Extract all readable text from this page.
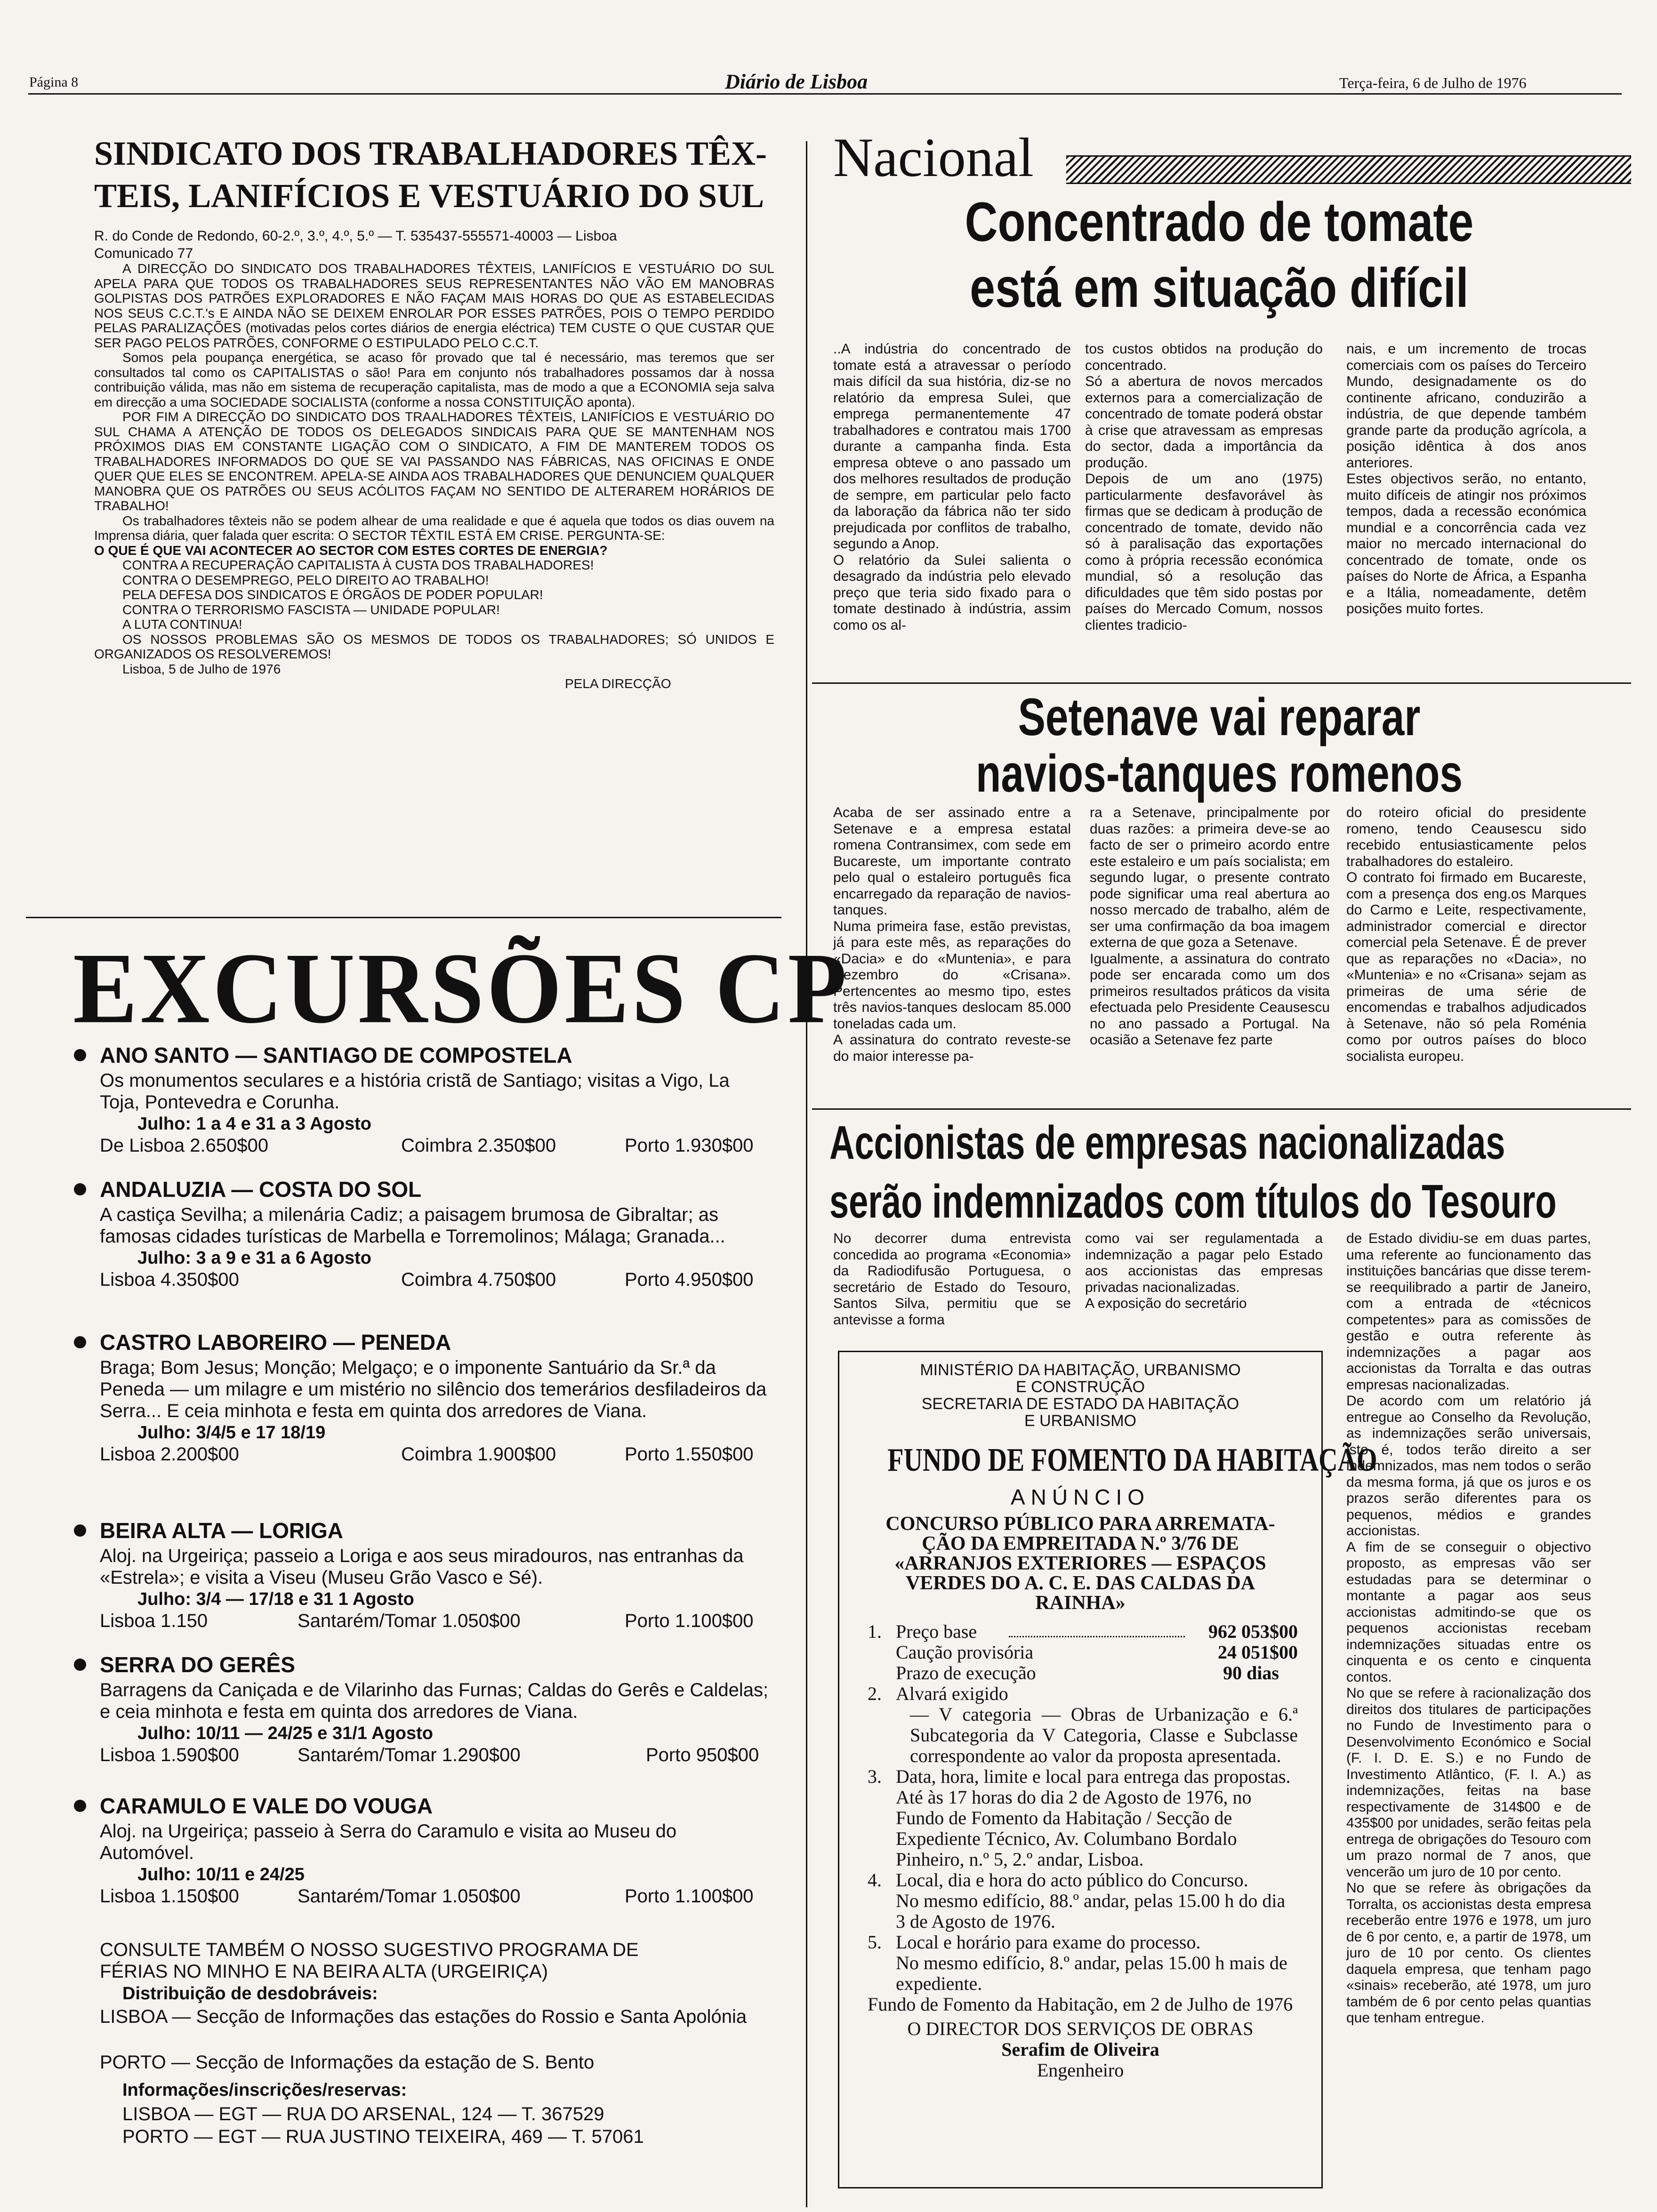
Página 8	Diário de Lisboa	Terça-feira, 6 de Julho de 1976
SINDICATO DOS TRABALHADORES TÊX-
TEIS, LANIFÍCIOS E VESTUÁRIO DO SUL
R. do Conde de Redondo, 60-2.º, 3.º, 4.º, 5.º — T. 535437-555571-40003 — Lisboa
Comunicado 77

A DIRECÇÃO DO SINDICATO DOS TRABALHADORES TÊXTEIS, LANIFÍCIOS E VESTUÁRIO DO SUL APELA PARA QUE TODOS OS TRABALHADORES SEUS REPRESENTANTES NÃO VÃO EM MANOBRAS GOLPISTAS DOS PATRÕES EXPLORADORES E NÃO FAÇAM MAIS HORAS DO QUE AS ESTABELECIDAS NOS SEUS C.C.T.'s E AINDA NÃO SE DEIXEM ENROLAR POR ESSES PATRÕES, POIS O TEMPO PERDIDO PELAS PARALIZAÇÕES (motivadas pelos cortes diários de energia eléctrica) TEM CUSTE O QUE CUSTAR QUE SER PAGO PELOS PATRÕES, CONFORME O ESTIPULADO PELO C.C.T.

Somos pela poupança energética, se acaso fôr provado que tal é necessário, mas teremos que ser consultados tal como os CAPITALISTAS o são! Para em conjunto nós trabalhadores possamos dar à nossa contribuição válida, mas não em sistema de recuperação capitalista, mas de modo a que a ECONOMIA seja salva em direcção a uma SOCIEDADE SOCIALISTA (conforme a nossa CONSTITUIÇÃO aponta).

POR FIM A DIRECÇÃO DO SINDICATO DOS TRAALHADORES TÊXTEIS, LANIFÍCIOS E VESTUÁRIO DO SUL CHAMA A ATENÇÃO DE TODOS OS DELEGADOS SINDICAIS PARA QUE SE MANTENHAM NOS PRÓXIMOS DIAS EM CONSTANTE LIGAÇÃO COM O SINDICATO, A FIM DE MANTEREM TODOS OS TRABALHADORES INFORMADOS DO QUE SE VAI PASSANDO NAS FÁBRICAS, NAS OFICINAS E ONDE QUER QUE ELES SE ENCONTREM. APELA-SE AINDA AOS TRABALHADORES QUE DENUNCIEM QUALQUER MANOBRA QUE OS PATRÕES OU SEUS ACÓLITOS FAÇAM NO SENTIDO DE ALTERAREM HORÁRIOS DE TRABALHO!

Os trabalhadores têxteis não se podem alhear de uma realidade e que é aquela que todos os dias ouvem na Imprensa diária, quer falada quer escrita: O SECTOR TÊXTIL ESTÁ EM CRISE. PERGUNTA-SE:

O QUE É QUE VAI ACONTECER AO SECTOR COM ESTES CORTES DE ENERGIA?

CONTRA A RECUPERAÇÃO CAPITALISTA À CUSTA DOS TRABALHADORES!

CONTRA O DESEMPREGO, PELO DIREITO AO TRABALHO!

PELA DEFESA DOS SINDICATOS E ÓRGÃOS DE PODER POPULAR!

CONTRA O TERRORISMO FASCISTA — UNIDADE POPULAR!

A LUTA CONTINUA!

OS NOSSOS PROBLEMAS SÃO OS MESMOS DE TODOS OS TRABALHADORES; SÓ UNIDOS E ORGANIZADOS OS RESOLVEREMOS!

Lisboa, 5 de Julho de 1976

PELA DIRECÇÃO

EXCURSÕES CP
ANO SANTO — SANTIAGO DE COMPOSTELA
Os monumentos seculares e a história cristã de Santiago; visitas a Vigo, La Toja, Pontevedra e Corunha.
Julho: 1 a 4 e 31 a 3 Agosto
De Lisboa 2.650$00	Coimbra 2.350$00	Porto 1.930$00
ANDALUZIA — COSTA DO SOL
A castiça Sevilha; a milenária Cadiz; a paisagem brumosa de Gibraltar; as famosas cidades turísticas de Marbella e Torremolinos; Málaga; Granada...
Julho: 3 a 9 e 31 a 6 Agosto
Lisboa 4.350$00	Coimbra 4.750$00	Porto 4.950$00
CASTRO LABOREIRO — PENEDA
Braga; Bom Jesus; Monção; Melgaço; e o imponente Santuário da Sr.ª da Peneda — um milagre e um mistério no silêncio dos temerários desfiladeiros da Serra... E ceia minhota e festa em quinta dos arredores de Viana.
Julho: 3/4/5 e 17 18/19
Lisboa 2.200$00	Coimbra 1.900$00	Porto 1.550$00
BEIRA ALTA — LORIGA
Aloj. na Urgeiriça; passeio a Loriga e aos seus miradouros, nas entranhas da «Estrela»; e visita a Viseu (Museu Grão Vasco e Sé).
Julho: 3/4 — 17/18 e 31 1 Agosto
Lisboa 1.150	Santarém/Tomar 1.050$00	Porto 1.100$00
SERRA DO GERÊS
Barragens da Caniçada e de Vilarinho das Furnas; Caldas do Gerês e Caldelas; e ceia minhota e festa em quinta dos arredores de Viana.
Julho: 10/11 — 24/25 e 31/1 Agosto
Lisboa 1.590$00	Santarém/Tomar 1.290$00	Porto 950$00
CARAMULO E VALE DO VOUGA
Aloj. na Urgeiriça; passeio à Serra do Caramulo e visita ao Museu do Automóvel.
Julho: 10/11 e 24/25
Lisboa 1.150$00	Santarém/Tomar 1.050$00	Porto 1.100$00
CONSULTE TAMBÉM O NOSSO SUGESTIVO PROGRAMA DE FÉRIAS NO MINHO E NA BEIRA ALTA (URGEIRIÇA)
Distribuição de desdobráveis:
LISBOA — Secção de Informações das estações do Rossio e Santa Apolónia
PORTO — Secção de Informações da estação de S. Bento
Informações/inscrições/reservas:
LISBOA — EGT — RUA DO ARSENAL, 124 — T. 367529
PORTO — EGT — RUA JUSTINO TEIXEIRA, 469 — T. 57061
Nacional
Concentrado de tomate
está em situação difícil
..A indústria do concentrado de tomate está a atravessar o período mais difícil da sua história, diz-se no relatório da empresa Sulei, que emprega permanentemente 47 trabalhadores e contratou mais 1700 durante a campanha finda. Esta empresa obteve o ano passado um dos melhores resultados de produção de sempre, em particular pelo facto da laboração da fábrica não ter sido prejudicada por conflitos de trabalho, segundo a Anop.
O relatório da Sulei salienta o desagrado da indústria pelo elevado preço que teria sido fixado para o tomate destinado à indústria, assim como os al-
tos custos obtidos na produção do concentrado.
Só a abertura de novos mercados externos para a comercialização de concentrado de tomate poderá obstar à crise que atravessam as empresas do sector, dada a importância da produção.
Depois de um ano (1975) particularmente desfavorável às firmas que se dedicam à produção de concentrado de tomate, devido não só à paralisação das exportações como à própria recessão económica mundial, só a resolução das dificuldades que têm sido postas por países do Mercado Comum, nossos clientes tradicio-
nais, e um incremento de trocas comerciais com os países do Terceiro Mundo, designadamente os do continente africano, conduzirão a indústria, de que depende também grande parte da produção agrícola, a posição idêntica à dos anos anteriores.
Estes objectivos serão, no entanto, muito difíceis de atingir nos próximos tempos, dada a recessão económica mundial e a concorrência cada vez maior no mercado internacional do concentrado de tomate, onde os países do Norte de África, a Espanha e a Itália, nomeadamente, detêm posições muito fortes.
Setenave vai reparar
navios-tanques romenos
Acaba de ser assinado entre a Setenave e a empresa estatal romena Contransimex, com sede em Bucareste, um importante contrato pelo qual o estaleiro português fica encarregado da reparação de navios-tanques.
Numa primeira fase, estão previstas, já para este mês, as reparações do «Dacia» e do «Muntenia», e para Dezembro do «Crisana». Pertencentes ao mesmo tipo, estes três navios-tanques deslocam 85.000 toneladas cada um.
A assinatura do contrato reveste-se do maior interesse pa-
ra a Setenave, principalmente por duas razões: a primeira deve-se ao facto de ser o primeiro acordo entre este estaleiro e um país socialista; em segundo lugar, o presente contrato pode significar uma real abertura ao nosso mercado de trabalho, além de ser uma confirmação da boa imagem externa de que goza a Setenave.
Igualmente, a assinatura do contrato pode ser encarada como um dos primeiros resultados práticos da visita efectuada pelo Presidente Ceausescu no ano passado a Portugal. Na ocasião a Setenave fez parte
do roteiro oficial do presidente romeno, tendo Ceausescu sido recebido entusiasticamente pelos trabalhadores do estaleiro.
O contrato foi firmado em Bucareste, com a presença dos eng.os Marques do Carmo e Leite, respectivamente, administrador comercial e director comercial pela Setenave. É de prever que as reparações no «Dacia», no «Muntenia» e no «Crisana» sejam as primeiras de uma série de encomendas e trabalhos adjudicados à Setenave, não só pela Roménia como por outros países do bloco socialista europeu.
Accionistas de empresas nacionalizadas
serão indemnizados com títulos do Tesouro
No decorrer duma entrevista concedida ao programa «Economia» da Radiodifusão Portuguesa, o secretário de Estado do Tesouro, Santos Silva, permitiu que se antevisse a forma
como vai ser regulamentada a indemnização a pagar pelo Estado aos accionistas das empresas privadas nacionalizadas.
A exposição do secretário
de Estado dividiu-se em duas partes, uma referente ao funcionamento das instituições bancárias que disse terem-se reequilibrado a partir de Janeiro, com a entrada de «técnicos competentes» para as comissões de gestão e outra referente às indemnizações a pagar aos accionistas da Torralta e das outras empresas nacionalizadas.
De acordo com um relatório já entregue ao Conselho da Revolução, as indemnizações serão universais, isto é, todos terão direito a ser indemnizados, mas nem todos o serão da mesma forma, já que os juros e os prazos serão diferentes para os pequenos, médios e grandes accionistas.
A fim de se conseguir o objectivo proposto, as empresas vão ser estudadas para se determinar o montante a pagar aos seus accionistas admitindo-se que os pequenos accionistas recebam indemnizações situadas entre os cinquenta e os cento e cinquenta contos.
No que se refere à racionalização dos direitos dos titulares de participações no Fundo de Investimento para o Desenvolvimento Económico e Social (F. I. D. E. S.) e no Fundo de Investimento Atlântico, (F. I. A.) as indemnizações, feitas na base respectivamente de 314$00 e de 435$00 por unidades, serão feitas pela entrega de obrigações do Tesouro com um prazo normal de 7 anos, que vencerão um juro de 10 por cento.
No que se refere às obrigações da Torralta, os accionistas desta empresa receberão entre 1976 e 1978, um juro de 6 por cento, e, a partir de 1978, um juro de 10 por cento. Os clientes daquela empresa, que tenham pago «sinais» receberão, até 1978, um juro também de 6 por cento pelas quantias que tenham entregue.
MINISTÉRIO DA HABITAÇÃO, URBANISMO
E CONSTRUÇÃO
SECRETARIA DE ESTADO DA HABITAÇÃO
E URBANISMO
FUNDO DE FOMENTO DA HABITAÇÃO
ANÚNCIO
CONCURSO PÚBLICO PARA ARREMATA-
ÇÃO DA EMPREITADA N.º 3/76 DE
«ARRANJOS EXTERIORES — ESPAÇOS
VERDES DO A. C. E. DAS CALDAS DA
RAINHA»
1. Preço base	962 053$00
Caução provisória	24 051$00
Prazo de execução	90 dias
2. Alvará exigido
— V categoria — Obras de Urbanização e 6.ª Subcategoria da V Categoria, Classe e Subclasse correspondente ao valor da proposta apresentada.
3. Data, hora, limite e local para entrega das propostas.
Até às 17 horas do dia 2 de Agosto de 1976, no Fundo de Fomento da Habitação / Secção de Expediente Técnico, Av. Columbano Bordalo Pinheiro, n.º 5, 2.º andar, Lisboa.
4. Local, dia e hora do acto público do Concurso.
No mesmo edifício, 88.º andar, pelas 15.00 h do dia 3 de Agosto de 1976.
5. Local e horário para exame do processo.
No mesmo edifício, 8.º andar, pelas 15.00 h mais de expediente.
Fundo de Fomento da Habitação, em 2 de Julho de 1976
O DIRECTOR DOS SERVIÇOS DE OBRAS
Serafim de Oliveira
Engenheiro
